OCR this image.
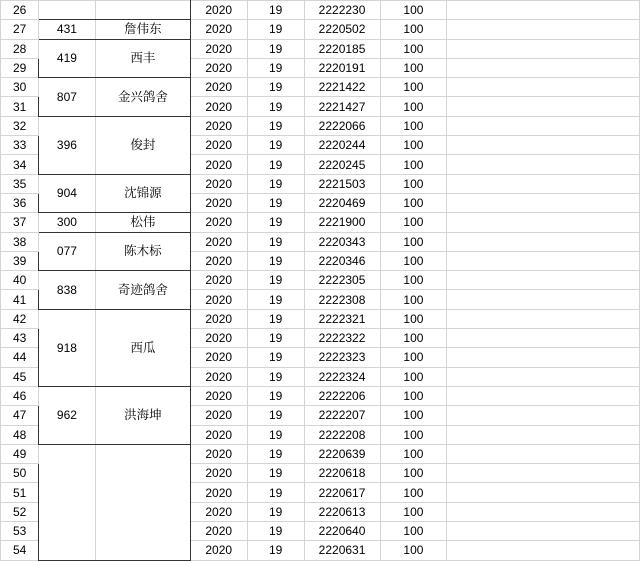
26			2020	19	2222230	100	
27	431	詹伟东	2020	19	2220502	100	
28	419	西丰	2020	19	2220185	100	
29			2020	19	2220191	100	
30	807	金兴鸽舍	2020	19	2221422	100	
31			2020	19	2221427	100	
32	396	俊封	2020	19	2222066	100	
33			2020	19	2220244	100	
34			2020	19	2220245	100	
35	904	沈锦源	2020	19	2221503	100	
36			2020	19	2220469	100	
37	300	松伟	2020	19	2221900	100	
38	077	陈木标	2020	19	2220343	100	
39			2020	19	2220346	100	
40	838	奇迹鸽舍	2020	19	2222305	100	
41			2020	19	2222308	100	
42	918	西瓜	2020	19	2222321	100	
43			2020	19	2222322	100	
44			2020	19	2222323	100	
45			2020	19	2222324	100	
46	962	洪海坤	2020	19	2222206	100	
47			2020	19	2222207	100	
48			2020	19	2222208	100	
49			2020	19	2220639	100	
50			2020	19	2220618	100	
51			2020	19	2220617	100	
52			2020	19	2220613	100	
53			2020	19	2220640	100	
54			2020	19	2220631	100	
